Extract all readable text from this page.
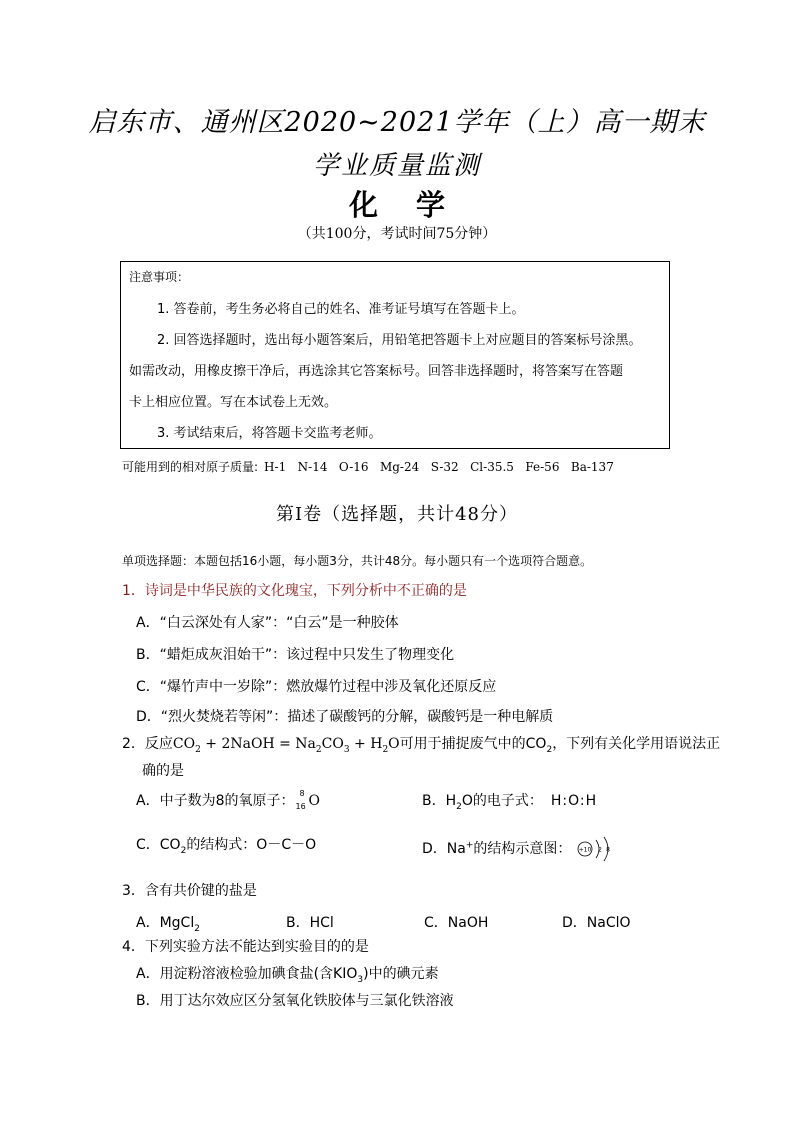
启东市、通州区2020~2021学年（上）高一期末
学业质量监测
化 学
（共100分，考试时间75分钟）
注意事项：
1. 答卷前，考生务必将自己的姓名、准考证号填写在答题卡上。
2. 回答选择题时，选出每小题答案后，用铅笔把答题卡上对应题目的答案标号涂黑。
如需改动，用橡皮擦干净后，再选涂其它答案标号。回答非选择题时，将答案写在答题
卡上相应位置。写在本试卷上无效。
3. 考试结束后，将答题卡交监考老师。
可能用到的相对原子质量: H-1   N-14   O-16   Mg-24   S-32   Cl-35.5   Fe-56   Ba-137
第Ⅰ卷（选择题，共计48分）
单项选择题：本题包括16小题，每小题3分，共计48分。每小题只有一个选项符合题意。
1．诗词是中华民族的文化瑰宝，下列分析中不正确的是
A．“白云深处有人家”：“白云”是一种胶体
B．“蜡炬成灰泪始干”：该过程中只发生了物理变化
C．“爆竹声中一岁除”：燃放爆竹过程中涉及氧化还原反应
D．“烈火焚烧若等闲”：描述了碳酸钙的分解，碳酸钙是一种电解质
2．反应$CO_2$ + 2NaOH = $Na_2CO_3 + H_2O$可用于捕捉废气中的$CO_2$，下列有关化学用语说法正
确的是
A．中子数为8的氧原子： 8
16 O	B．$H_2O$的电子式： H:O:H
C．$CO_2$的结构式：O－C－O	D．Na+的结构示意图： +10 2 8
3．含有共价键的盐是
A．MgCl$_2$	B．HCl	C．NaOH	D．NaClO
4．下列实验方法不能达到实验目的的是
A．用淀粉溶液检验加碘食盐(含$KIO_3$)中的碘元素
B．用丁达尔效应区分氢氧化铁胶体与三氯化铁溶液
